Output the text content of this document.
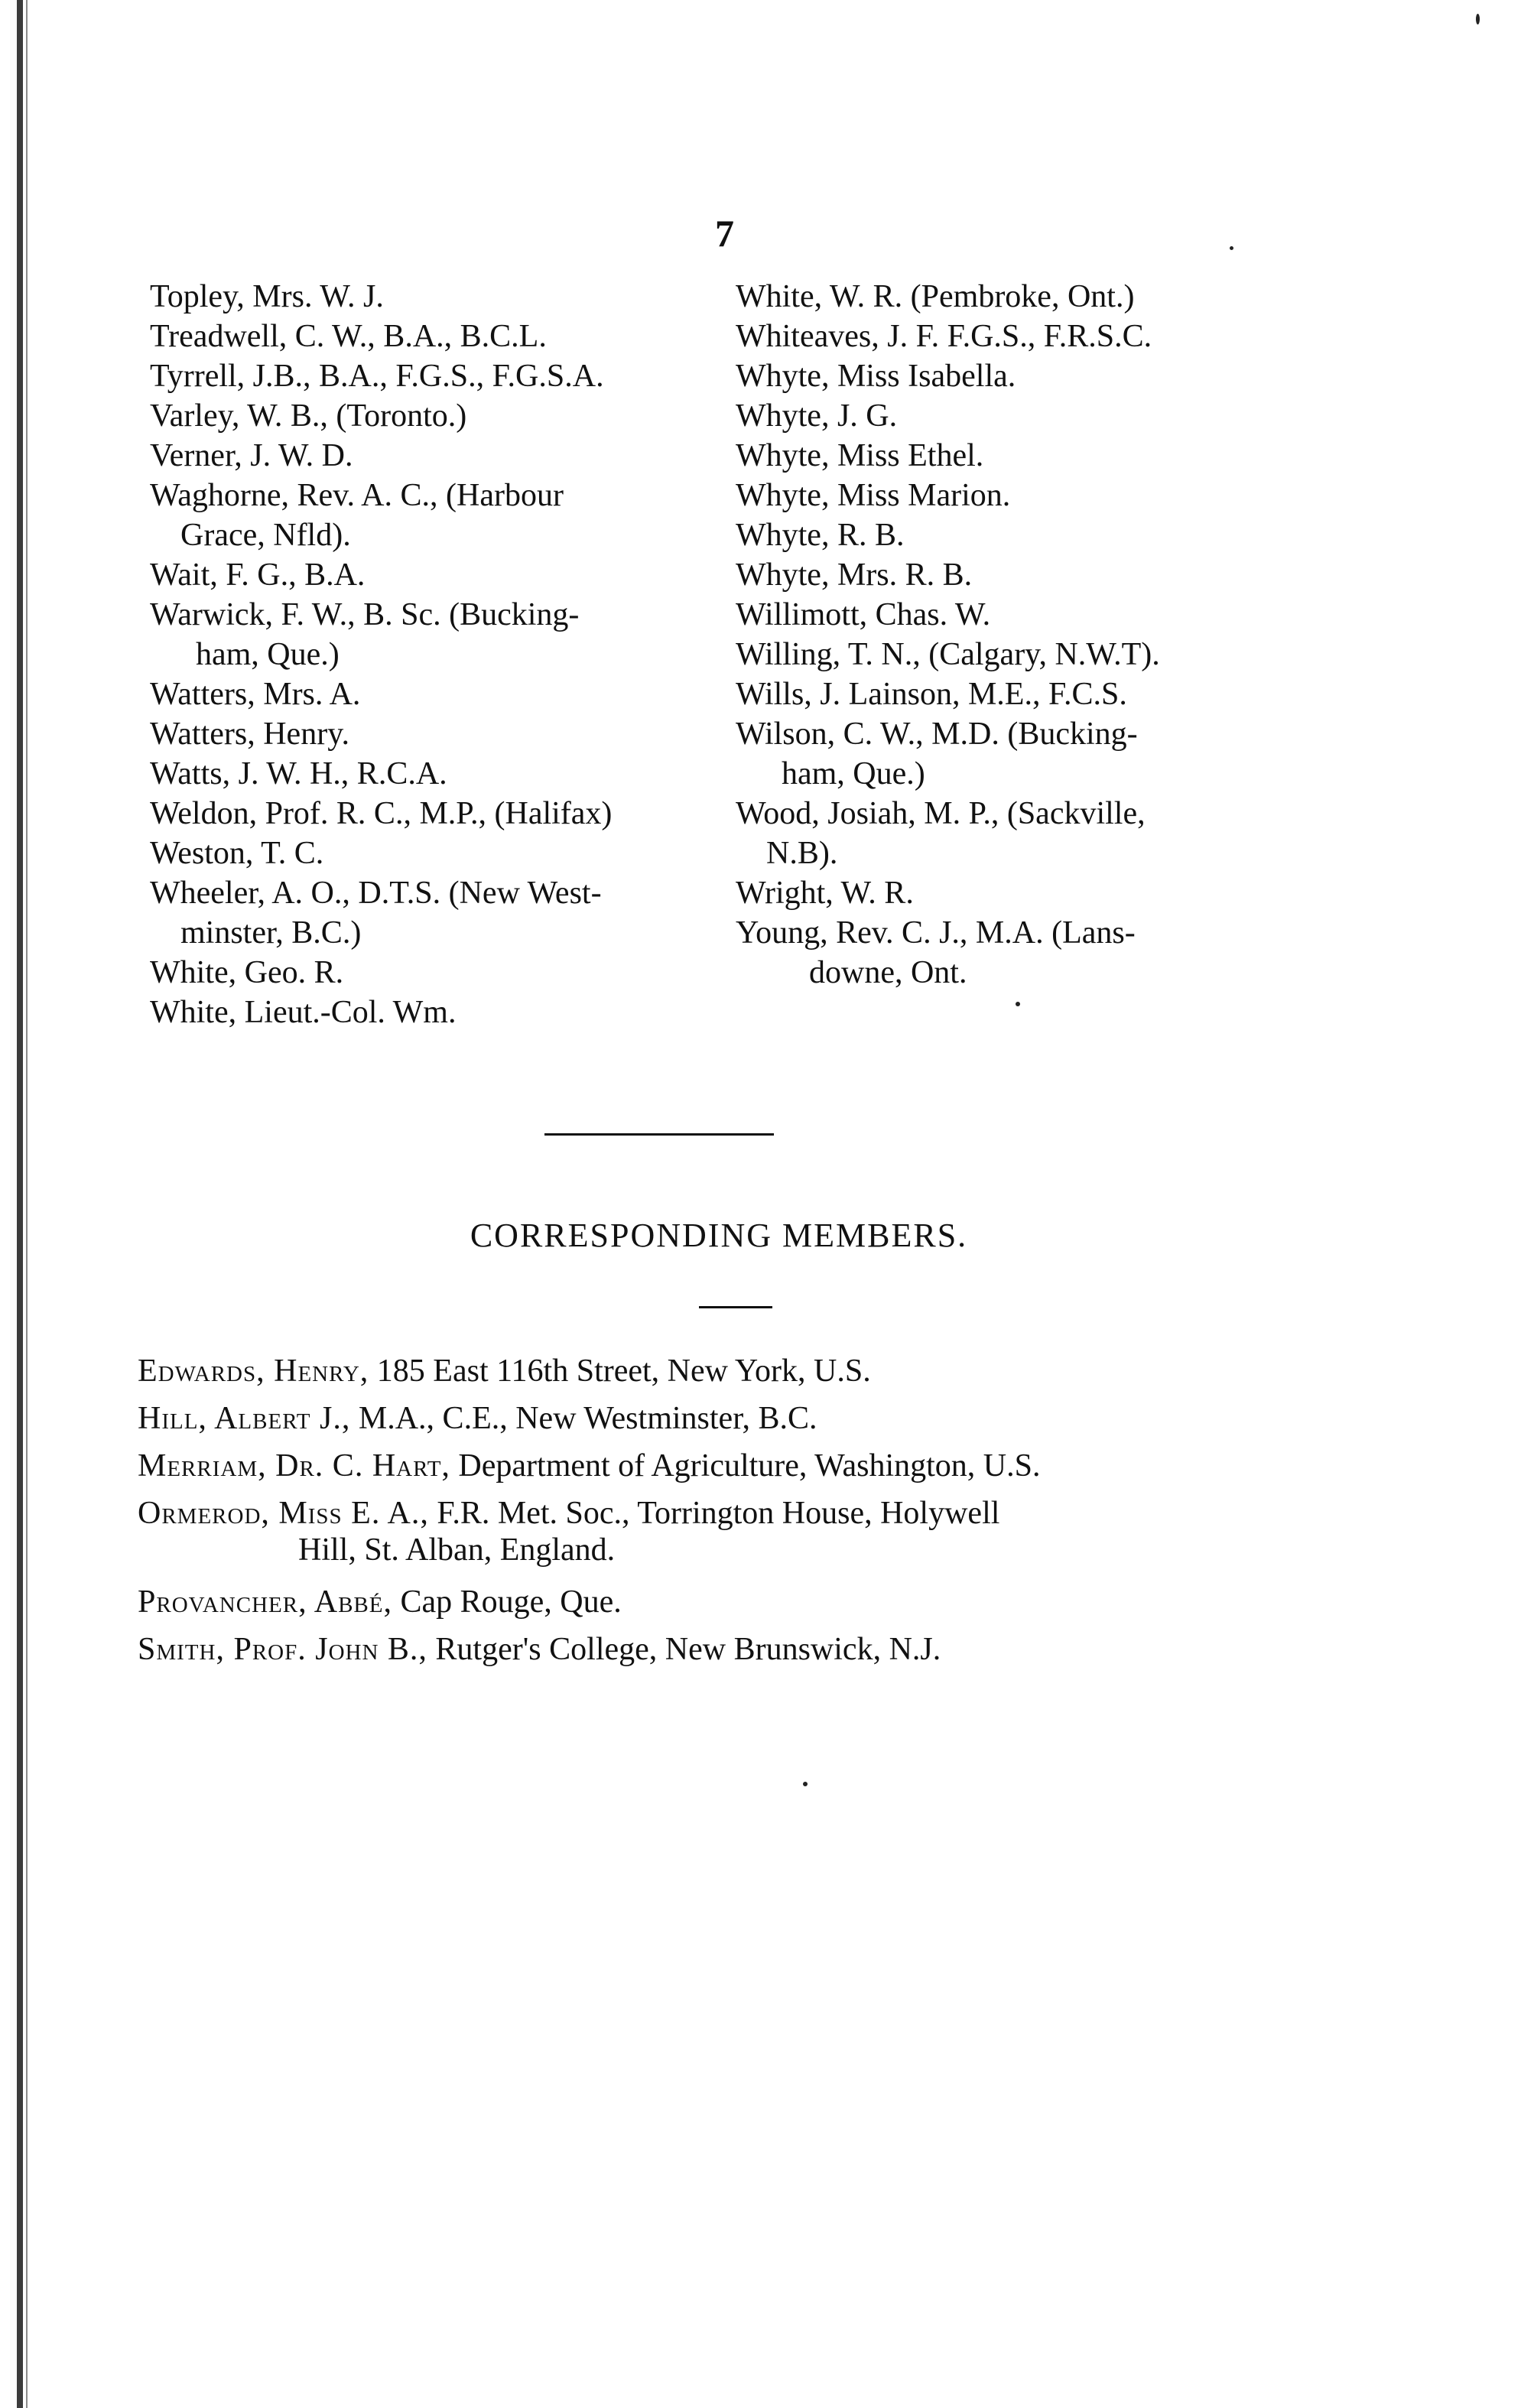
7
Topley, Mrs. W. J.
Treadwell, C. W., B.A., B.C.L.
Tyrrell, J.B., B.A., F.G.S., F.G.S.A.
Varley, W. B., (Toronto.)
Verner, J. W. D.
Waghorne, Rev. A. C., (Harbour
Grace, Nfld).
Wait, F. G., B.A.
Warwick, F. W., B. Sc. (Bucking-
ham, Que.)
Watters, Mrs. A.
Watters, Henry.
Watts, J. W. H., R.C.A.
Weldon, Prof. R. C., M.P., (Halifax)
Weston, T. C.
Wheeler, A. O., D.T.S. (New West-
minster, B.C.)
White, Geo. R.
White, Lieut.-Col. Wm.
White, W. R. (Pembroke, Ont.)
Whiteaves, J. F. F.G.S., F.R.S.C.
Whyte, Miss Isabella.
Whyte, J. G.
Whyte, Miss Ethel.
Whyte, Miss Marion.
Whyte, R. B.
Whyte, Mrs. R. B.
Willimott, Chas. W.
Willing, T. N., (Calgary, N.W.T).
Wills, J. Lainson, M.E., F.C.S.
Wilson, C. W., M.D. (Bucking-
ham, Que.)
Wood, Josiah, M. P., (Sackville,
N.B).
Wright, W. R.
Young, Rev. C. J., M.A. (Lans-
downe, Ont.
CORRESPONDING MEMBERS.
Edwards, Henry, 185 East 116th Street, New York, U.S.
Hill, Albert J., M.A., C.E., New Westminster, B.C.
Merriam, Dr. C. Hart, Department of Agriculture, Washington, U.S.
Ormerod, Miss E. A., F.R. Met. Soc., Torrington House, Holywell
Hill, St. Alban, England.
Provancher, Abbé, Cap Rouge, Que.
Smith, Prof. John B., Rutger's College, New Brunswick, N.J.
